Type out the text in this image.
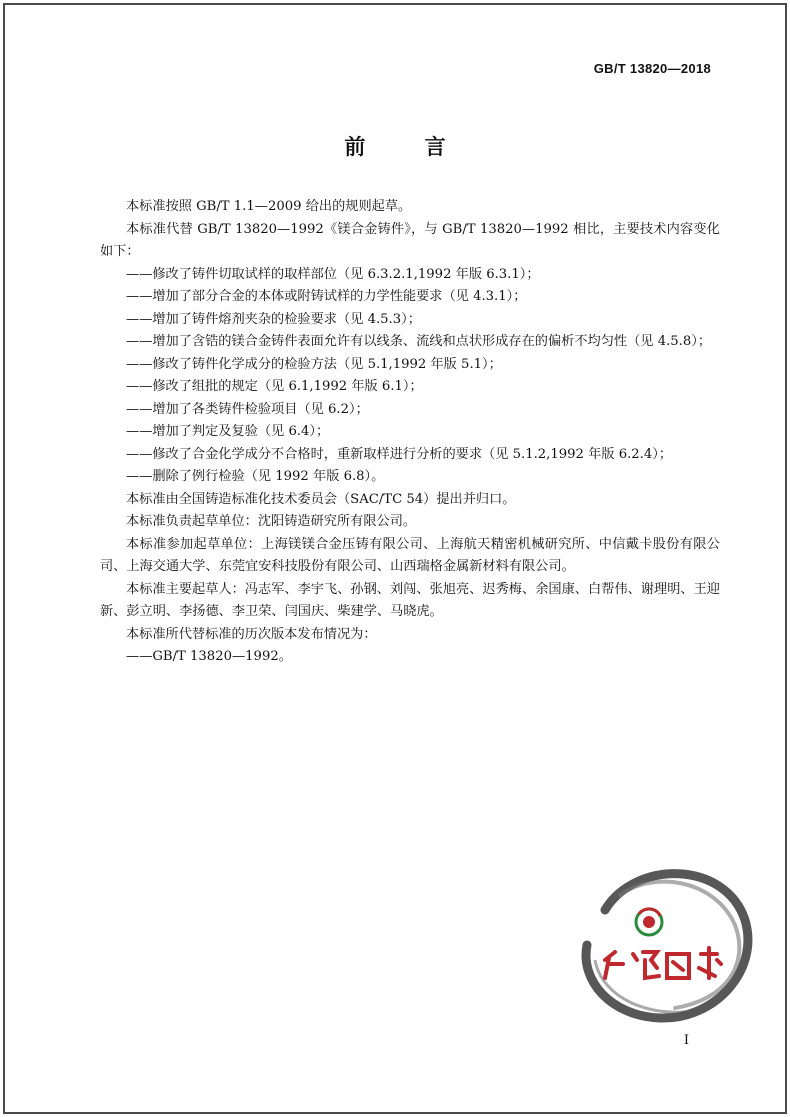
GB/T 13820—2018
前 言

本标准按照 GB/T 1.1—2009 给出的规则起草。

本标准代替 GB/T 13820—1992《镁合金铸件》，与 GB/T 13820—1992 相比，主要技术内容变化如下：

——修改了铸件切取试样的取样部位（见 6.3.2.1,1992 年版 6.3.1）；

——增加了部分合金的本体或附铸试样的力学性能要求（见 4.3.1）；

——增加了铸件熔剂夹杂的检验要求（见 4.5.3）；

——增加了含锆的镁合金铸件表面允许有以线条、流线和点状形成存在的偏析不均匀性（见 4.5.8）；

——修改了铸件化学成分的检验方法（见 5.1,1992 年版 5.1）；

——修改了组批的规定（见 6.1,1992 年版 6.1）；

——增加了各类铸件检验项目（见 6.2）；

——增加了判定及复验（见 6.4）；

——修改了合金化学成分不合格时，重新取样进行分析的要求（见 5.1.2,1992 年版 6.2.4）；

——删除了例行检验（见 1992 年版 6.8）。

本标准由全国铸造标准化技术委员会（SAC/TC 54）提出并归口。

本标准负责起草单位：沈阳铸造研究所有限公司。

本标准参加起草单位：上海镁镁合金压铸有限公司、上海航天精密机械研究所、中信戴卡股份有限公司、上海交通大学、东莞宜安科技股份有限公司、山西瑞格金属新材料有限公司。

本标准主要起草人：冯志军、李宇飞、孙钢、刘闯、张旭亮、迟秀梅、余国康、白帮伟、谢理明、王迎新、彭立明、李扬德、李卫荣、闫国庆、柴建学、马晓虎。

本标准所代替标准的历次版本发布情况为：

——GB/T 13820—1992。

I
